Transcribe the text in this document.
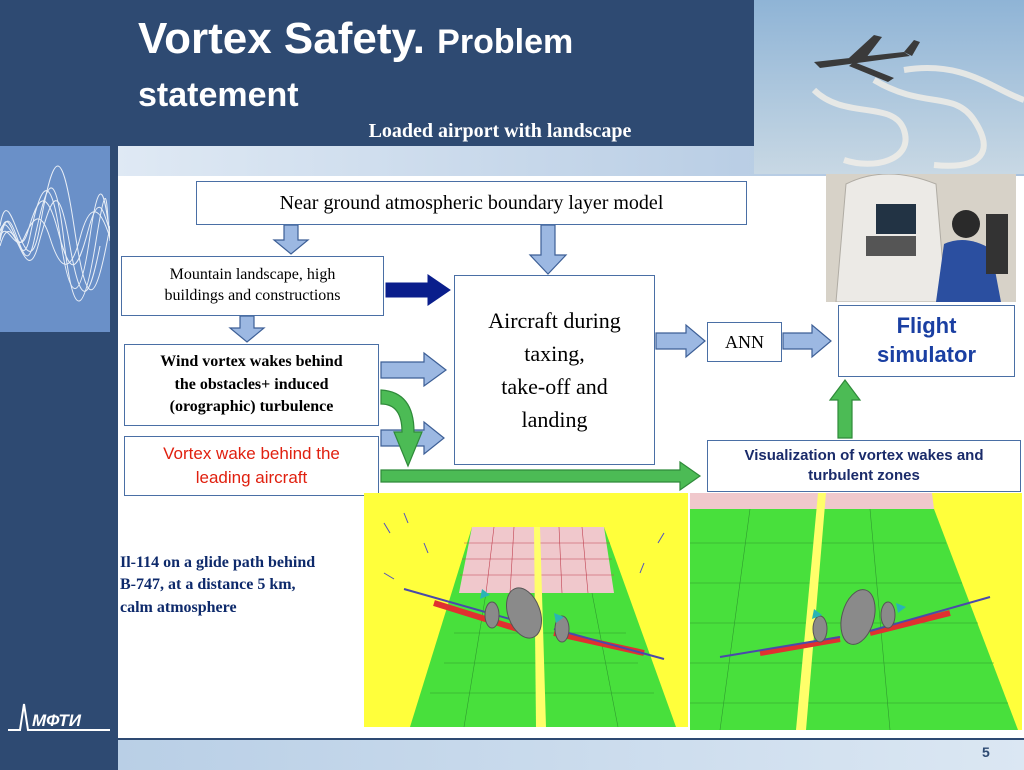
Vortex Safety. Problem
statement
Loaded airport with landscape
Near ground atmospheric boundary layer model
Mountain landscape, high
buildings and constructions
Wind vortex wakes behind
the obstacles+ induced
(orographic) turbulence
Vortex wake behind the
leading aircraft
Aircraft during
taxing,
take-off and
landing
ANN
Flight
simulator
Visualization of vortex wakes and
turbulent zones
Il-114 on a glide path behind
B-747, at a distance 5 km,
calm atmosphere
МФТИ
5
